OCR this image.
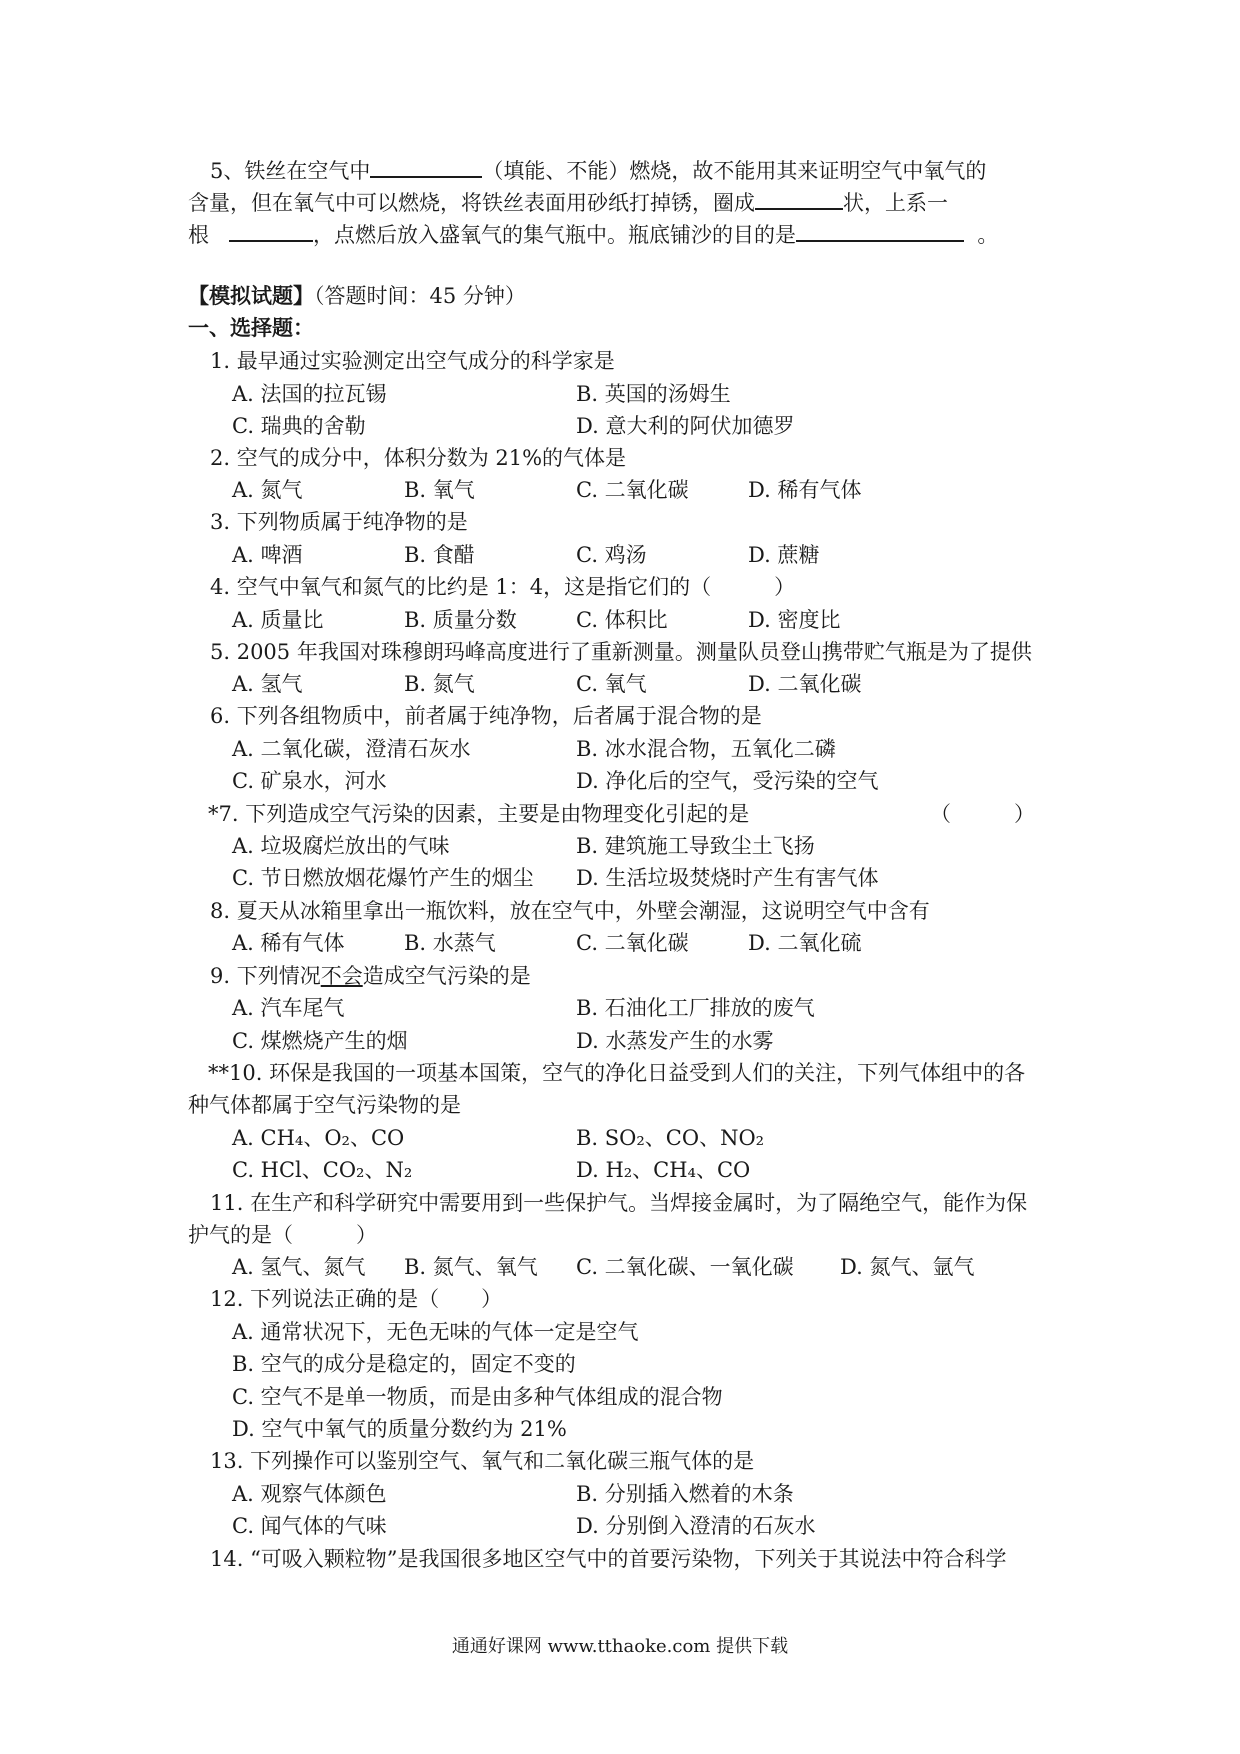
5、铁丝在空气中	（填能、不能）燃烧，故不能用其来证明空气中氧气的
含量，但在氧气中可以燃烧，将铁丝表面用砂纸打掉锈，圈成	状，上系一
根	，点燃后放入盛氧气的集气瓶中。瓶底铺沙的目的是	。
【模拟试题】（答题时间：45 分钟）
一、选择题：
1. 最早通过实验测定出空气成分的科学家是
A. 法国的拉瓦锡	B. 英国的汤姆生
C. 瑞典的舍勒	D. 意大利的阿伏加德罗
2. 空气的成分中，体积分数为 21%的气体是
A. 氮气	B. 氧气	C. 二氧化碳	D. 稀有气体
3. 下列物质属于纯净物的是
A. 啤酒	B. 食醋	C. 鸡汤	D. 蔗糖
4. 空气中氧气和氮气的比约是 1：4，这是指它们的（　　　）
A. 质量比	B. 质量分数	C. 体积比	D. 密度比
5. 2005 年我国对珠穆朗玛峰高度进行了重新测量。测量队员登山携带贮气瓶是为了提供
A. 氢气	B. 氮气	C. 氧气	D. 二氧化碳
6. 下列各组物质中，前者属于纯净物，后者属于混合物的是
A. 二氧化碳，澄清石灰水	B. 冰水混合物，五氧化二磷
C. 矿泉水，河水	D. 净化后的空气，受污染的空气
*7. 下列造成空气污染的因素，主要是由物理变化引起的是	（　　　）
A. 垃圾腐烂放出的气味	B. 建筑施工导致尘土飞扬
C. 节日燃放烟花爆竹产生的烟尘 D. 生活垃圾焚烧时产生有害气体
8. 夏天从冰箱里拿出一瓶饮料，放在空气中，外壁会潮湿，这说明空气中含有
A. 稀有气体	B. 水蒸气	C. 二氧化碳	D. 二氧化硫
9. 下列情况不会造成空气污染的是
A. 汽车尾气	B. 石油化工厂排放的废气
C. 煤燃烧产生的烟	D. 水蒸发产生的水雾
**10. 环保是我国的一项基本国策，空气的净化日益受到人们的关注，下列气体组中的各
种气体都属于空气污染物的是
A. CH₄、O₂、CO	B. SO₂、CO、NO₂
C. HCl、CO₂、N₂	D. H₂、CH₄、CO
11. 在生产和科学研究中需要用到一些保护气。当焊接金属时，为了隔绝空气，能作为保
护气的是（　　　）
A. 氢气、氮气 B. 氮气、氧气 C. 二氧化碳、一氧化碳 D. 氮气、氩气
12. 下列说法正确的是（　　）
A. 通常状况下，无色无味的气体一定是空气
B. 空气的成分是稳定的，固定不变的
C. 空气不是单一物质，而是由多种气体组成的混合物
D. 空气中氧气的质量分数约为 21%
13. 下列操作可以鉴别空气、氧气和二氧化碳三瓶气体的是
A. 观察气体颜色	B. 分别插入燃着的木条
C. 闻气体的气味	D. 分别倒入澄清的石灰水
14. “可吸入颗粒物”是我国很多地区空气中的首要污染物，下列关于其说法中符合科学
通通好课网 www.tthaoke.com 提供下载
